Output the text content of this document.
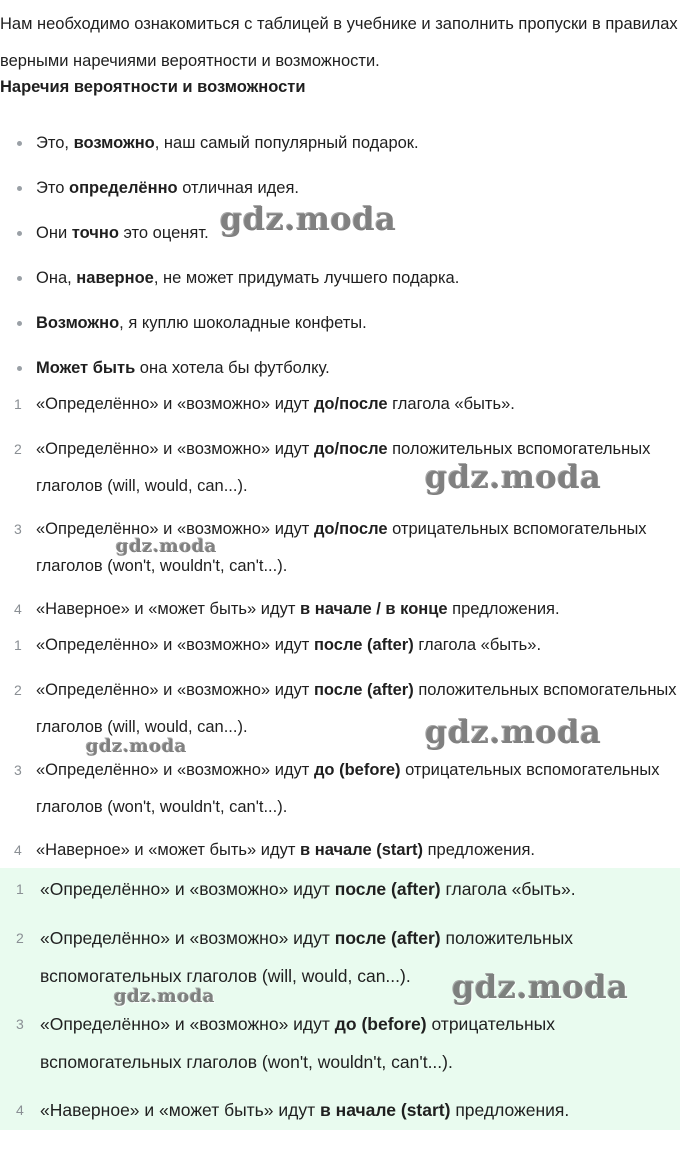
Нам необходимо ознакомиться с таблицей в учебнике и заполнить пропуски в правилах верными наречиями вероятности и возможности.
Наречия вероятности и возможности
Это, возможно, наш самый популярный подарок.
Это определённо отличная идея.
Они точно это оценят.
Она, наверное, не может придумать лучшего подарка.
Возможно, я куплю шоколадные конфеты.
Может быть она хотела бы футболку.
1 «Определённо» и «возможно» идут до/после глагола «быть».
2 «Определённо» и «возможно» идут до/после положительных вспомогательных глаголов (will, would, can...).
3 «Определённо» и «возможно» идут до/после отрицательных вспомогательных глаголов (won't, wouldn't, can't...).
4 «Наверное» и «может быть» идут в начале / в конце предложения.
1 «Определённо» и «возможно» идут после (after) глагола «быть».
2 «Определённо» и «возможно» идут после (after) положительных вспомогательных глаголов (will, would, can...).
3 «Определённо» и «возможно» идут до (before) отрицательных вспомогательных глаголов (won't, wouldn't, can't...).
4 «Наверное» и «может быть» идут в начале (start) предложения.
1 «Определённо» и «возможно» идут после (after) глагола «быть».
2 «Определённо» и «возможно» идут после (after) положительных вспомогательных глаголов (will, would, can...).
3 «Определённо» и «возможно» идут до (before) отрицательных вспомогательных глаголов (won't, wouldn't, can't...).
4 «Наверное» и «может быть» идут в начале (start) предложения.
gdz.moda
gdz.moda
gdz.moda
gdz.moda
gdz.moda
gdz.moda
gdz.moda
